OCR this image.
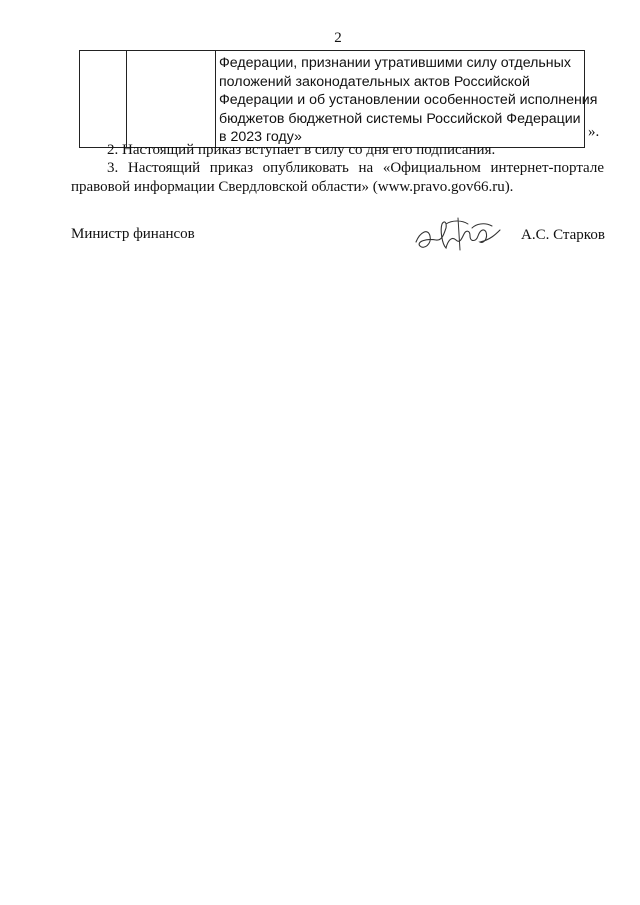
2

Федерации, признании утратившими силу отдельных
положений законодательных актов Российской
Федерации и об установлении особенностей исполнения
бюджетов бюджетной системы Российской Федерации
в 2023 году»	».
2. Настоящий приказ вступает в силу со дня его подписания.
3. Настоящий приказ опубликовать на «Официальном интернет-портале правовой информации Свердловской области» (www.pravo.gov66.ru).
Министр финансов	А.С. Старков
